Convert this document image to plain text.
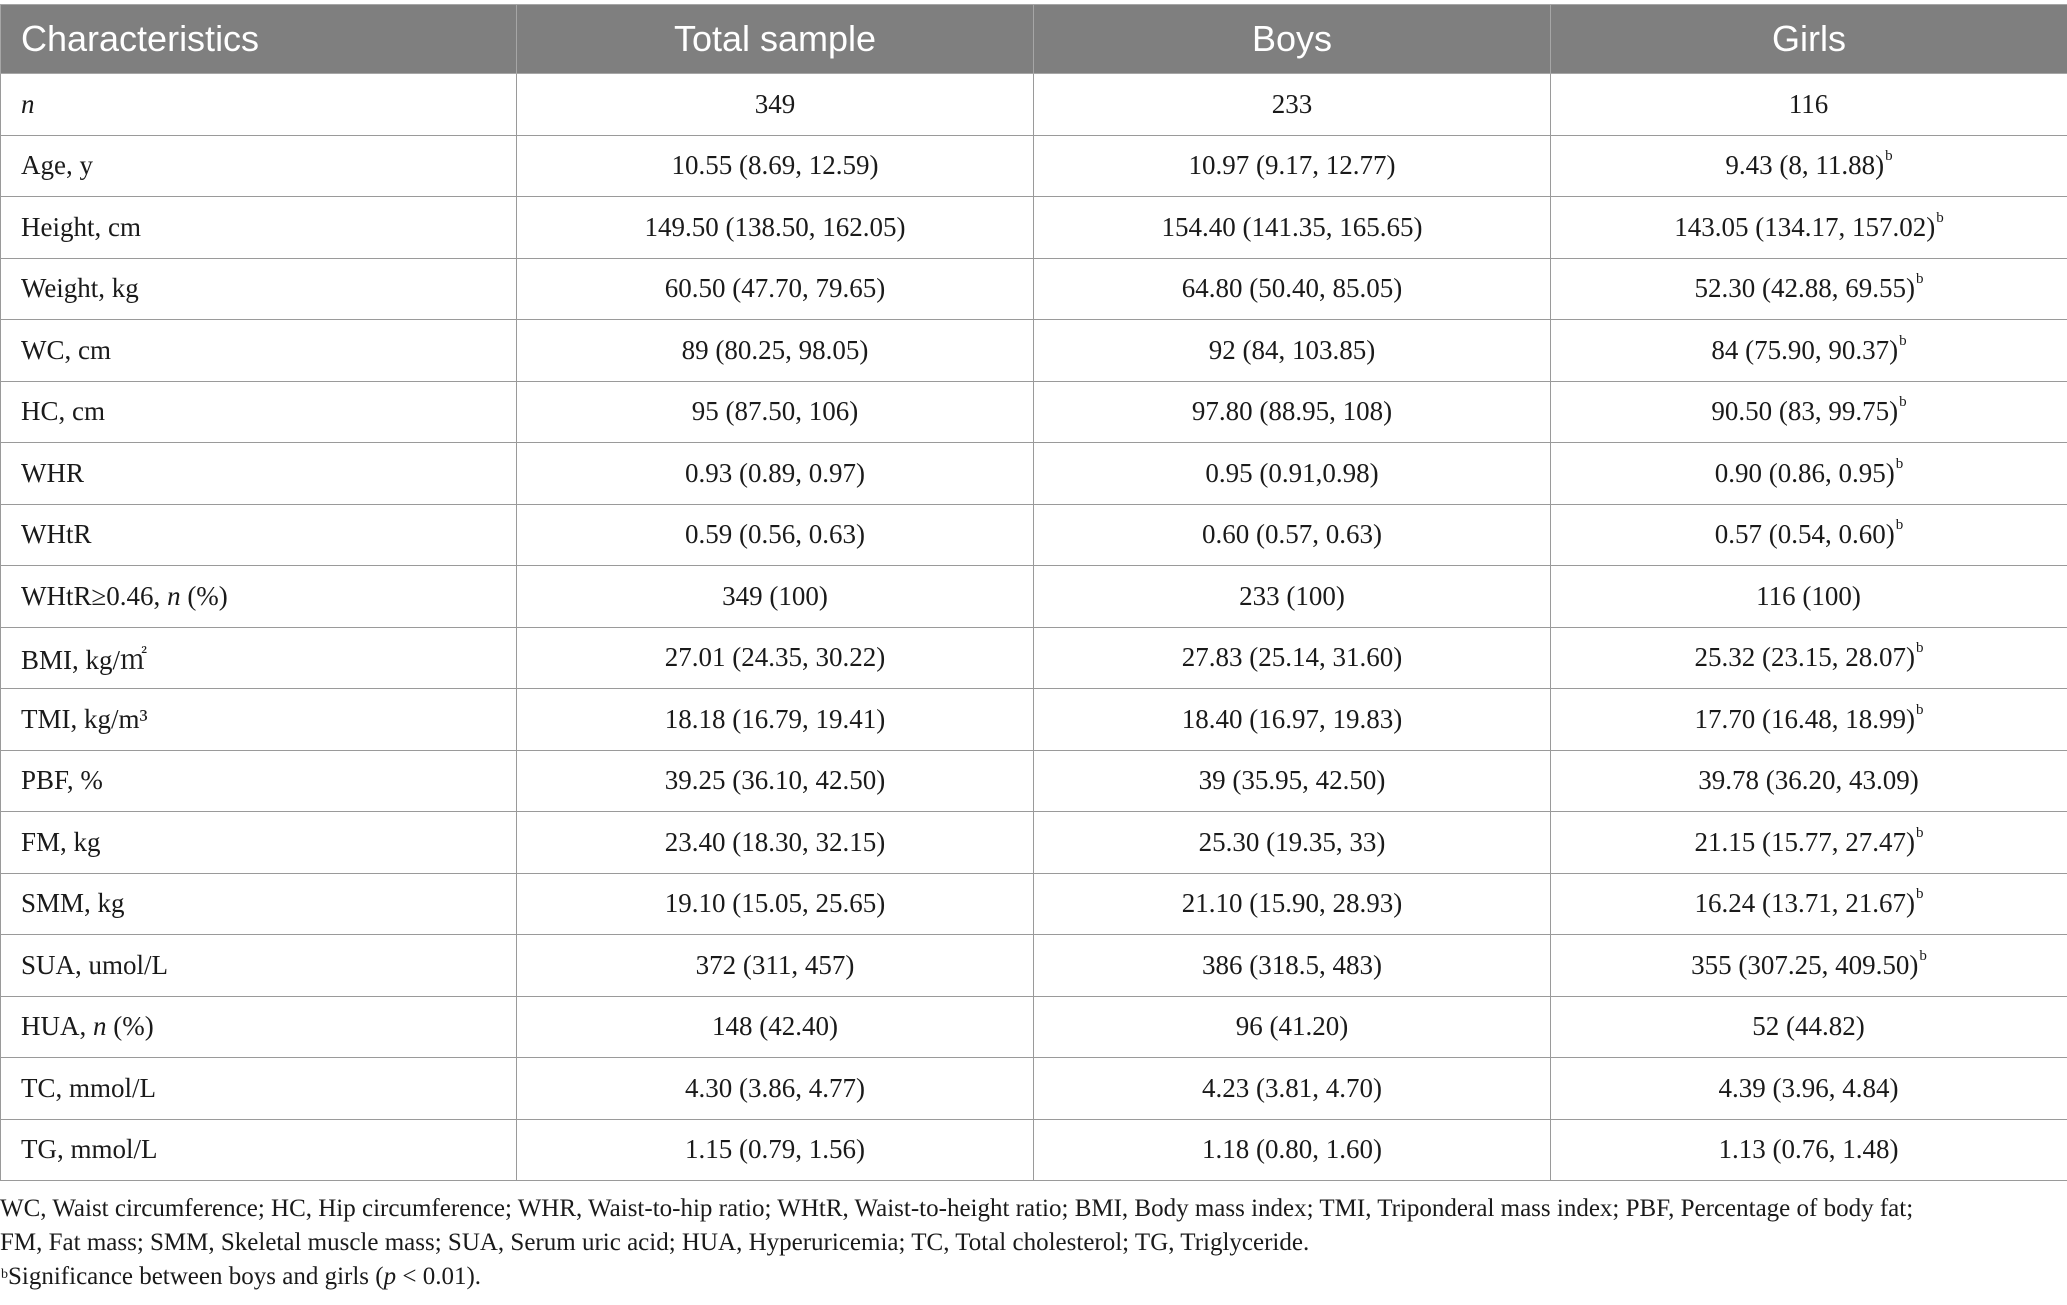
Characteristics	Total sample	Boys	Girls
n	349	233	116
Age, y	10.55 (8.69, 12.59)	10.97 (9.17, 12.77)	9.43 (8, 11.88)$^b$
Height, cm	149.50 (138.50, 162.05)	154.40 (141.35, 165.65)	143.05 (134.17, 157.02)$^b$
Weight, kg	60.50 (47.70, 79.65)	64.80 (50.40, 85.05)	52.30 (42.88, 69.55)$^b$
WC, cm	89 (80.25, 98.05)	92 (84, 103.85)	84 (75.90, 90.37)$^b$
HC, cm	95 (87.50, 106)	97.80 (88.95, 108)	90.50 (83, 99.75)$^b$
WHR	0.93 (0.89, 0.97)	0.95 (0.91,0.98)	0.90 (0.86, 0.95)$^b$
WHtR	0.59 (0.56, 0.63)	0.60 (0.57, 0.63)	0.57 (0.54, 0.60)$^b$
WHtR≥0.46, n (%)	349 (100)	233 (100)	116 (100)
BMI, kg/㎡	27.01 (24.35, 30.22)	27.83 (25.14, 31.60)	25.32 (23.15, 28.07)$^b$
TMI, kg/m³	18.18 (16.79, 19.41)	18.40 (16.97, 19.83)	17.70 (16.48, 18.99)$^b$
PBF, %	39.25 (36.10, 42.50)	39 (35.95, 42.50)	39.78 (36.20, 43.09)
FM, kg	23.40 (18.30, 32.15)	25.30 (19.35, 33)	21.15 (15.77, 27.47)$^b$
SMM, kg	19.10 (15.05, 25.65)	21.10 (15.90, 28.93)	16.24 (13.71, 21.67)$^b$
SUA, umol/L	372 (311, 457)	386 (318.5, 483)	355 (307.25, 409.50)$^b$
HUA, n (%)	148 (42.40)	96 (41.20)	52 (44.82)
TC, mmol/L	4.30 (3.86, 4.77)	4.23 (3.81, 4.70)	4.39 (3.96, 4.84)
TG, mmol/L	1.15 (0.79, 1.56)	1.18 (0.80, 1.60)	1.13 (0.76, 1.48)

WC, Waist circumference; HC, Hip circumference; WHR, Waist-to-hip ratio; WHtR, Waist-to-height ratio; BMI, Body mass index; TMI, Triponderal mass index; PBF, Percentage of body fat;
FM, Fat mass; SMM, Skeletal muscle mass; SUA, Serum uric acid; HUA, Hyperuricemia; TC, Total cholesterol; TG, Triglyceride.

$^b$Significance between boys and girls (p < 0.01).
